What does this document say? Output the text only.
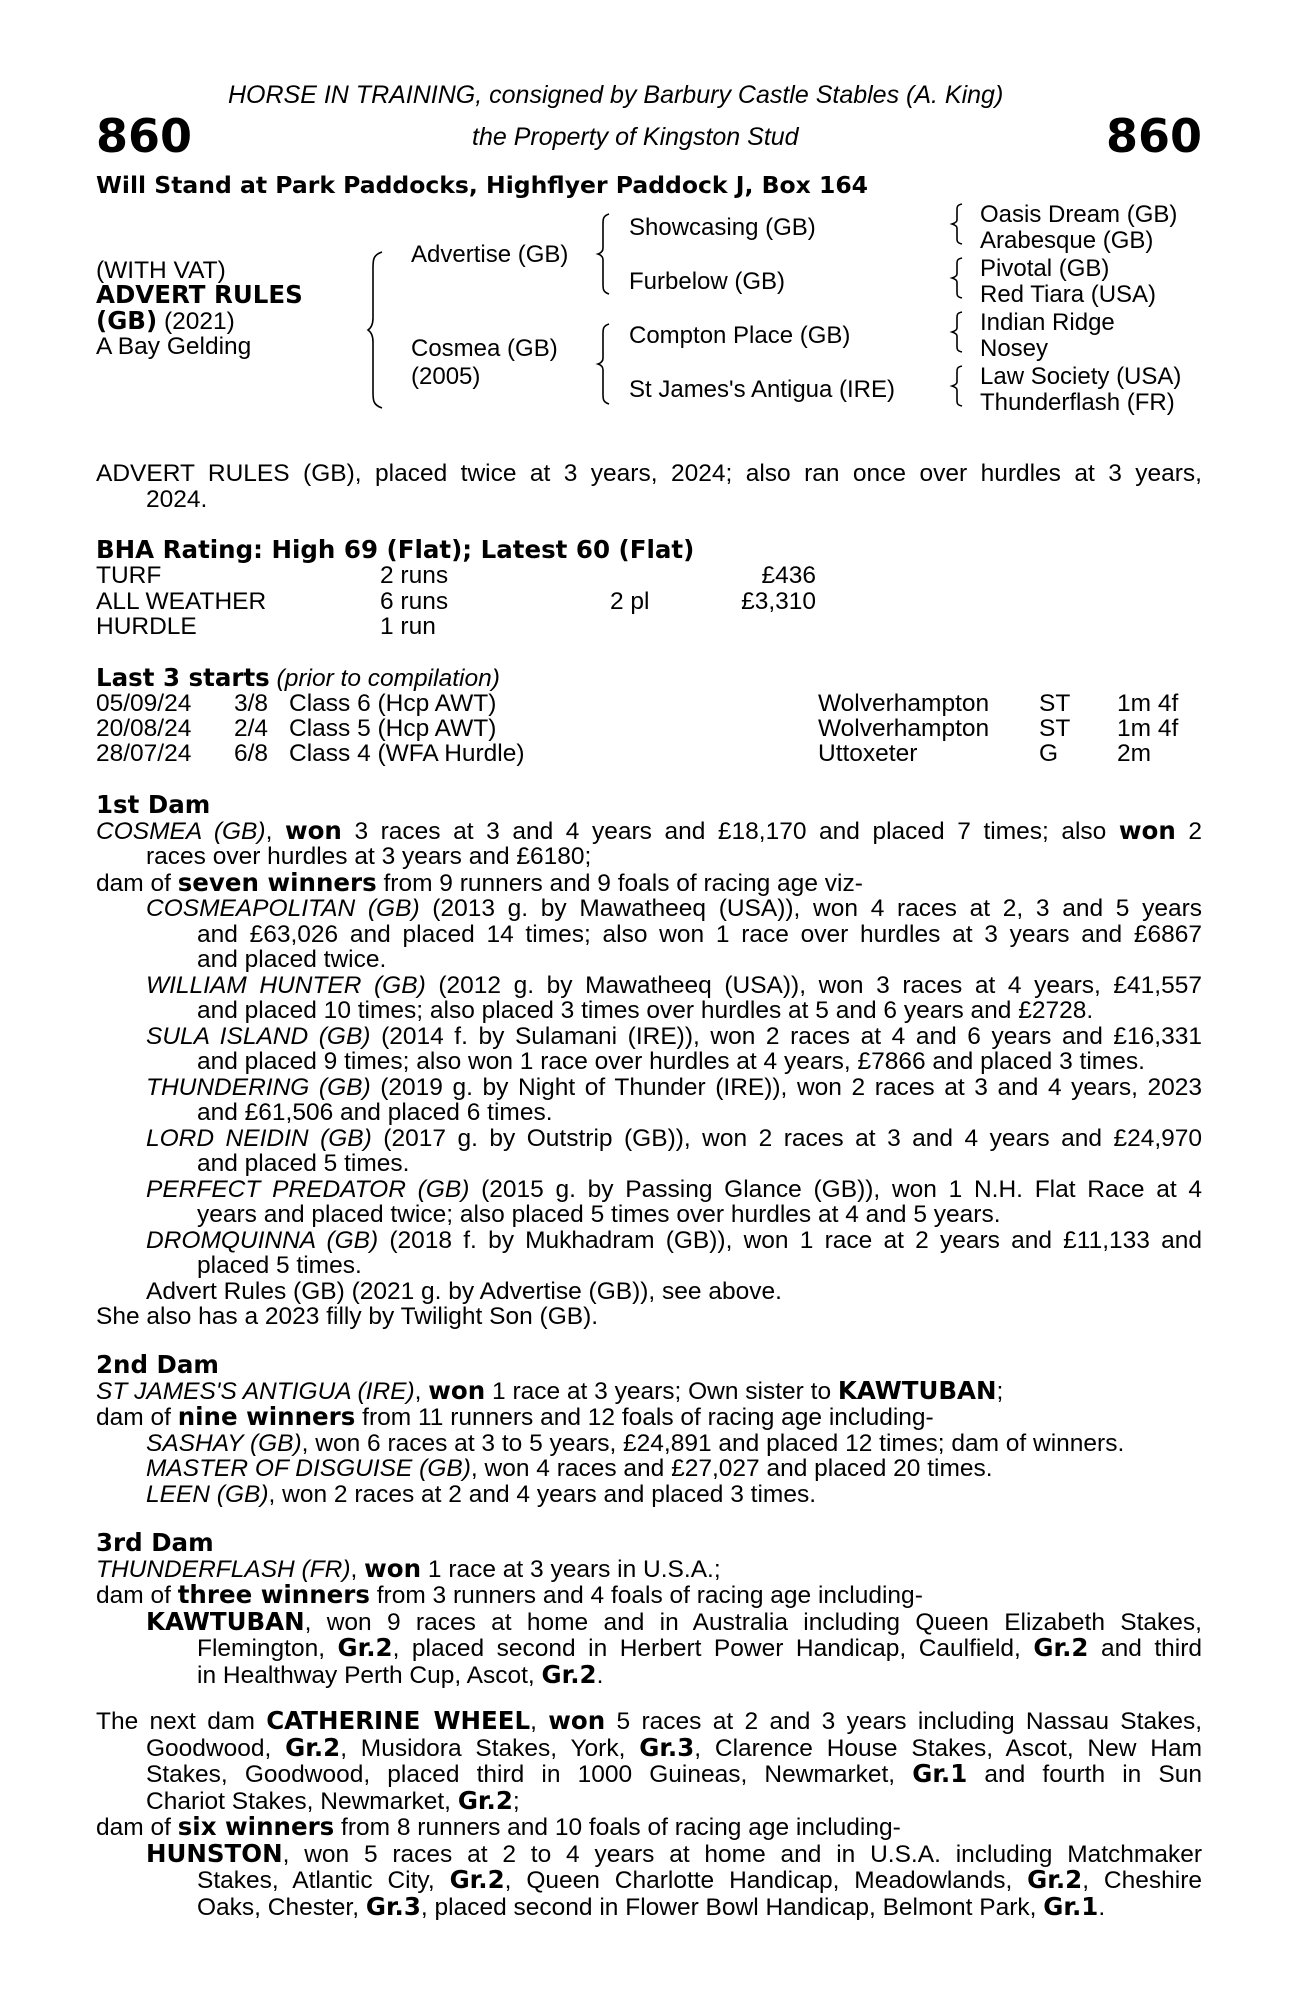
HORSE IN TRAINING, consigned by Barbury Castle Stables (A. King)
860	the Property of Kingston Stud	860
Will Stand at Park Paddocks, Highflyer Paddock J, Box 164
(WITH VAT)
ADVERT RULES
(GB) (2021)
A Bay Gelding
Advertise (GB)
Cosmea (GB)
(2005)
Showcasing (GB)
Furbelow (GB)
Compton Place (GB)
St James's Antigua (IRE)
Oasis Dream (GB)
Arabesque (GB)
Pivotal (GB)
Red Tiara (USA)
Indian Ridge
Nosey
Law Society (USA)
Thunderflash (FR)
ADVERT RULES (GB), placed twice at 3 years, 2024; also ran once over hurdles at 3 years,
2024.
BHA Rating: High 69 (Flat); Latest 60 (Flat)
TURF	2 runs	£436
ALL WEATHER	6 runs	2 pl	£3,310
HURDLE	1 run
Last 3 starts (prior to compilation)
05/09/24 3/8 Class 6 (Hcp AWT)	Wolverhampton ST 1m 4f
20/08/24 2/4 Class 5 (Hcp AWT)	Wolverhampton ST 1m 4f
28/07/24 6/8 Class 4 (WFA Hurdle)	Uttoxeter	G 2m
1st Dam
COSMEA (GB), won 3 races at 3 and 4 years and £18,170 and placed 7 times; also won 2
races over hurdles at 3 years and £6180;
dam of seven winners from 9 runners and 9 foals of racing age viz-
COSMEAPOLITAN (GB) (2013 g. by Mawatheeq (USA)), won 4 races at 2, 3 and 5 years
and £63,026 and placed 14 times; also won 1 race over hurdles at 3 years and £6867
and placed twice.
WILLIAM HUNTER (GB) (2012 g. by Mawatheeq (USA)), won 3 races at 4 years, £41,557
and placed 10 times; also placed 3 times over hurdles at 5 and 6 years and £2728.
SULA ISLAND (GB) (2014 f. by Sulamani (IRE)), won 2 races at 4 and 6 years and £16,331
and placed 9 times; also won 1 race over hurdles at 4 years, £7866 and placed 3 times.
THUNDERING (GB) (2019 g. by Night of Thunder (IRE)), won 2 races at 3 and 4 years, 2023
and £61,506 and placed 6 times.
LORD NEIDIN (GB) (2017 g. by Outstrip (GB)), won 2 races at 3 and 4 years and £24,970
and placed 5 times.
PERFECT PREDATOR (GB) (2015 g. by Passing Glance (GB)), won 1 N.H. Flat Race at 4
years and placed twice; also placed 5 times over hurdles at 4 and 5 years.
DROMQUINNA (GB) (2018 f. by Mukhadram (GB)), won 1 race at 2 years and £11,133 and
placed 5 times.
Advert Rules (GB) (2021 g. by Advertise (GB)), see above.
She also has a 2023 filly by Twilight Son (GB).
2nd Dam
ST JAMES'S ANTIGUA (IRE), won 1 race at 3 years; Own sister to KAWTUBAN;
dam of nine winners from 11 runners and 12 foals of racing age including-
SASHAY (GB), won 6 races at 3 to 5 years, £24,891 and placed 12 times; dam of winners.
MASTER OF DISGUISE (GB), won 4 races and £27,027 and placed 20 times.
LEEN (GB), won 2 races at 2 and 4 years and placed 3 times.
3rd Dam
THUNDERFLASH (FR), won 1 race at 3 years in U.S.A.;
dam of three winners from 3 runners and 4 foals of racing age including-
KAWTUBAN, won 9 races at home and in Australia including Queen Elizabeth Stakes,
Flemington, Gr.2, placed second in Herbert Power Handicap, Caulfield, Gr.2 and third
in Healthway Perth Cup, Ascot, Gr.2.
The next dam CATHERINE WHEEL, won 5 races at 2 and 3 years including Nassau Stakes,
Goodwood, Gr.2, Musidora Stakes, York, Gr.3, Clarence House Stakes, Ascot, New Ham
Stakes, Goodwood, placed third in 1000 Guineas, Newmarket, Gr.1 and fourth in Sun
Chariot Stakes, Newmarket, Gr.2;
dam of six winners from 8 runners and 10 foals of racing age including-
HUNSTON, won 5 races at 2 to 4 years at home and in U.S.A. including Matchmaker
Stakes, Atlantic City, Gr.2, Queen Charlotte Handicap, Meadowlands, Gr.2, Cheshire
Oaks, Chester, Gr.3, placed second in Flower Bowl Handicap, Belmont Park, Gr.1.
